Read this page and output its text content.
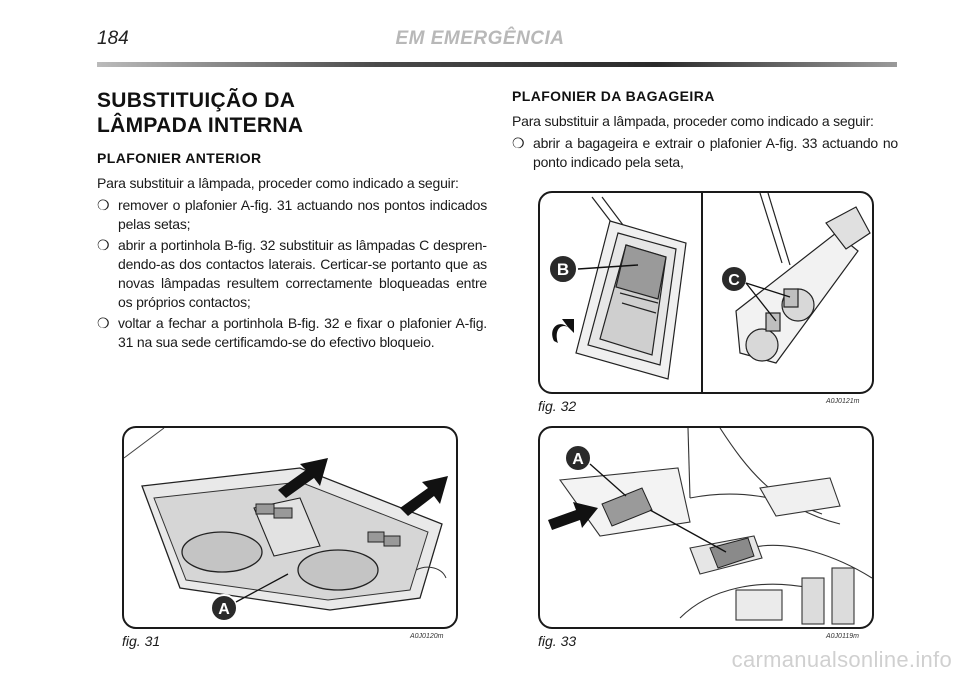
184	EM EMERGÊNCIA
SUBSTITUIÇÃO DA
LÂMPADA INTERNA
PLAFONIER ANTERIOR

Para substituir a lâmpada, proceder como indicado a seguir:

❍ remover o plafonier A-fig. 31 actuando nos pontos indicados pelas setas;
❍ abrir a portinhola B-fig. 32 substituir as lâmpadas C desprendendo-as dos contactos laterais. Certicar-se portanto que as novas lâmpadas resultem correctamente bloqueadas entre os próprios contactos;
❍ voltar a fechar a portinhola B-fig. 32 e fixar o plafonier A-fig. 31 na sua sede certificamdo-se do efectivo bloqueio.
PLAFONIER DA BAGAGEIRA

Para substituir a lâmpada, proceder como indicado a seguir:

❍ abrir a bagageira e extrair o plafonier A-fig. 33 actuando no ponto indicado pela seta,
B
C
fig. 32	A0J0121m
A
fig. 31	A0J0120m
A
fig. 33	A0J0119m
carmanualsonline.info
